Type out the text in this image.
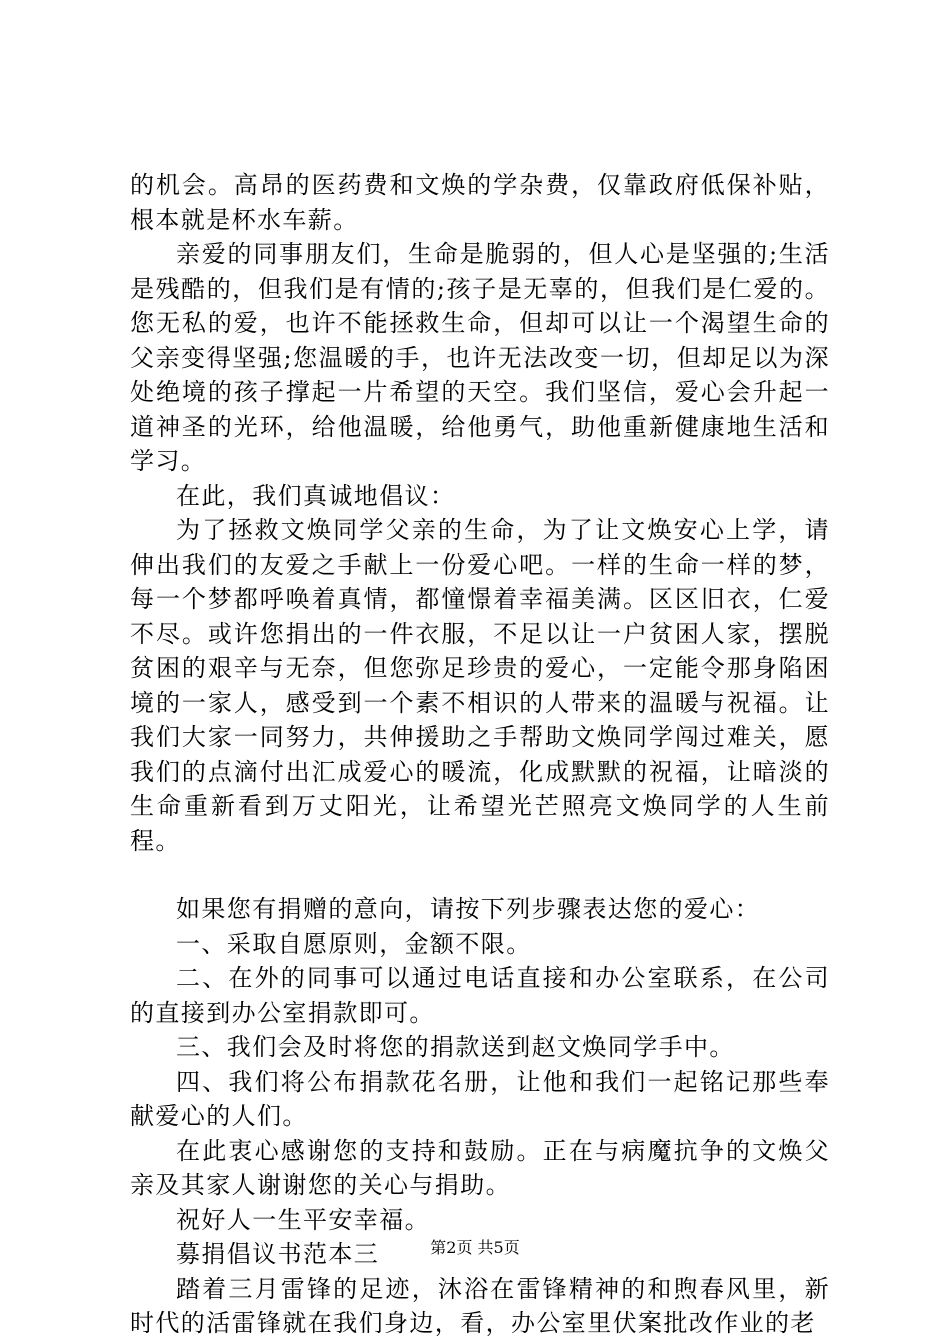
的机会。高昂的医药费和文焕的学杂费，仅靠政府低保补贴，根本就是杯水车薪。

亲爱的同事朋友们，生命是脆弱的，但人心是坚强的;生活是残酷的，但我们是有情的;孩子是无辜的，但我们是仁爱的。您无私的爱，也许不能拯救生命，但却可以让一个渴望生命的父亲变得坚强;您温暖的手，也许无法改变一切，但却足以为深处绝境的孩子撑起一片希望的天空。我们坚信，爱心会升起一道神圣的光环，给他温暖，给他勇气，助他重新健康地生活和学习。

在此，我们真诚地倡议：

为了拯救文焕同学父亲的生命，为了让文焕安心上学，请伸出我们的友爱之手献上一份爱心吧。一样的生命一样的梦，每一个梦都呼唤着真情，都憧憬着幸福美满。区区旧衣，仁爱不尽。或许您捐出的一件衣服，不足以让一户贫困人家，摆脱贫困的艰辛与无奈，但您弥足珍贵的爱心，一定能令那身陷困境的一家人，感受到一个素不相识的人带来的温暖与祝福。让我们大家一同努力，共伸援助之手帮助文焕同学闯过难关，愿我们的点滴付出汇成爱心的暖流，化成默默的祝福，让暗淡的生命重新看到万丈阳光，让希望光芒照亮文焕同学的人生前程。

如果您有捐赠的意向，请按下列步骤表达您的爱心：

一、采取自愿原则，金额不限。

二、在外的同事可以通过电话直接和办公室联系，在公司的直接到办公室捐款即可。

三、我们会及时将您的捐款送到赵文焕同学手中。

四、我们将公布捐款花名册，让他和我们一起铭记那些奉献爱心的人们。

在此衷心感谢您的支持和鼓励。正在与病魔抗争的文焕父亲及其家人谢谢您的关心与捐助。

祝好人一生平安幸福。

募捐倡议书范本三

踏着三月雷锋的足迹，沐浴在雷锋精神的和煦春风里，新时代的活雷锋就在我们身边，看，办公室里伏案批改作业的老

第2页 共5页
